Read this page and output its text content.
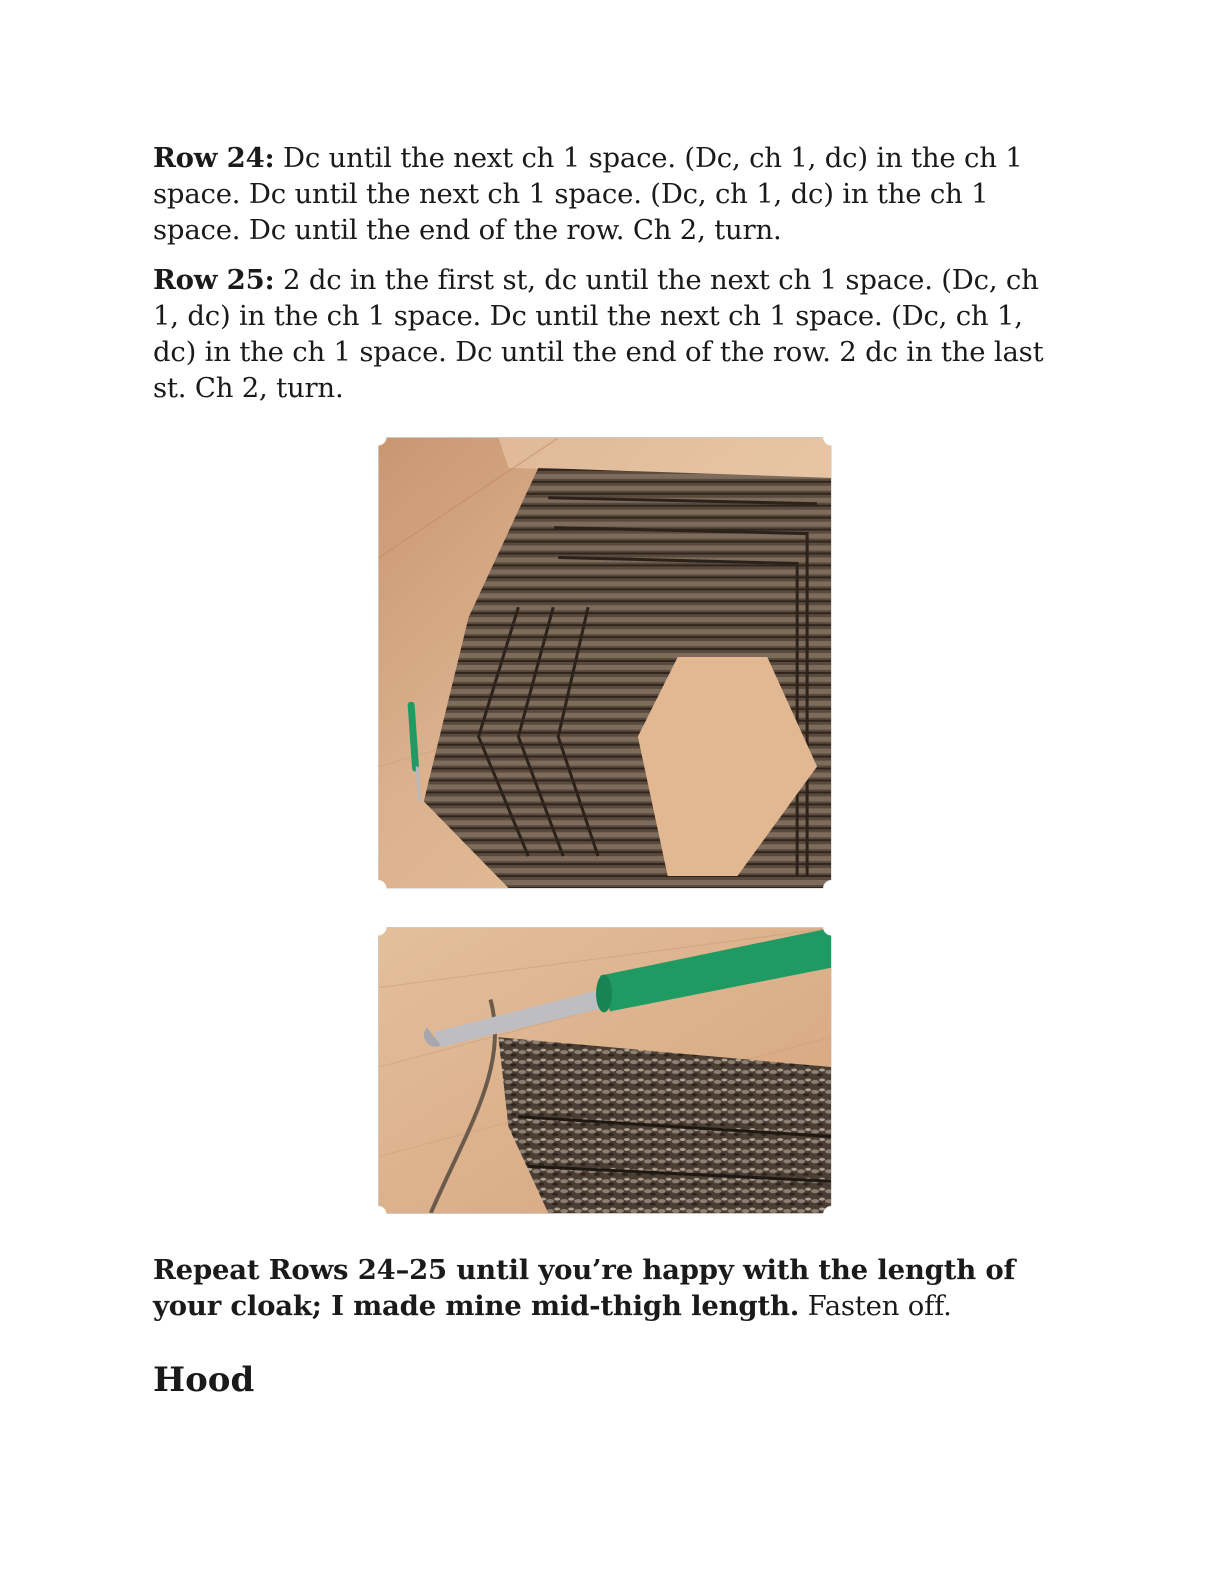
Row 24: Dc until the next ch 1 space. (Dc, ch 1, dc) in the ch 1 space. Dc until the next ch 1 space. (Dc, ch 1, dc) in the ch 1 space. Dc until the end of the row. Ch 2, turn.

Row 25: 2 dc in the first st, dc until the next ch 1 space. (Dc, ch 1, dc) in the ch 1 space. Dc until the next ch 1 space. (Dc, ch 1, dc) in the ch 1 space. Dc until the end of the row. 2 dc in the last st. Ch 2, turn.

Repeat Rows 24–25 until you’re happy with the length of your cloak; I made mine mid-thigh length. Fasten off.

Hood
